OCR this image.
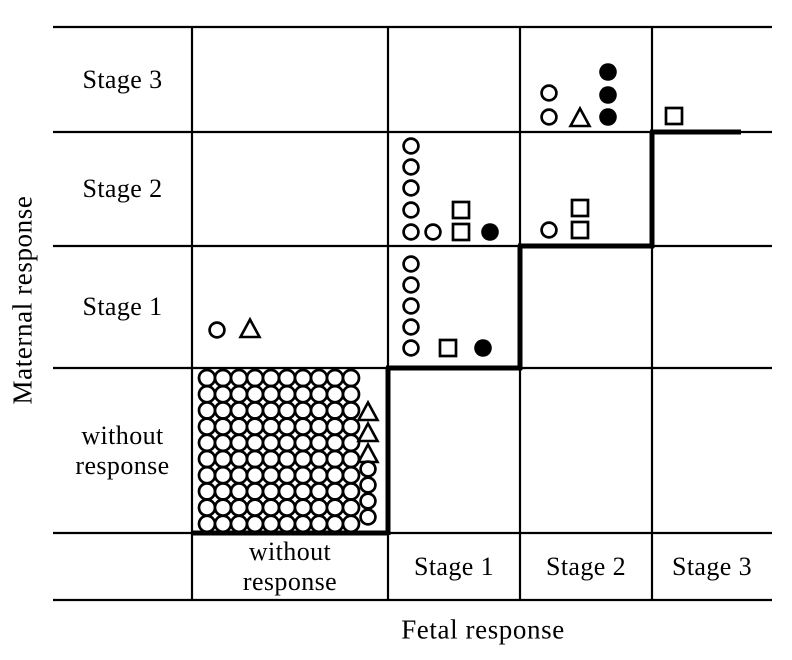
Maternal response
Fetal response
Stage 3
Stage 2
Stage 1
without response
without response
Stage 1 Stage 2 Stage 3
